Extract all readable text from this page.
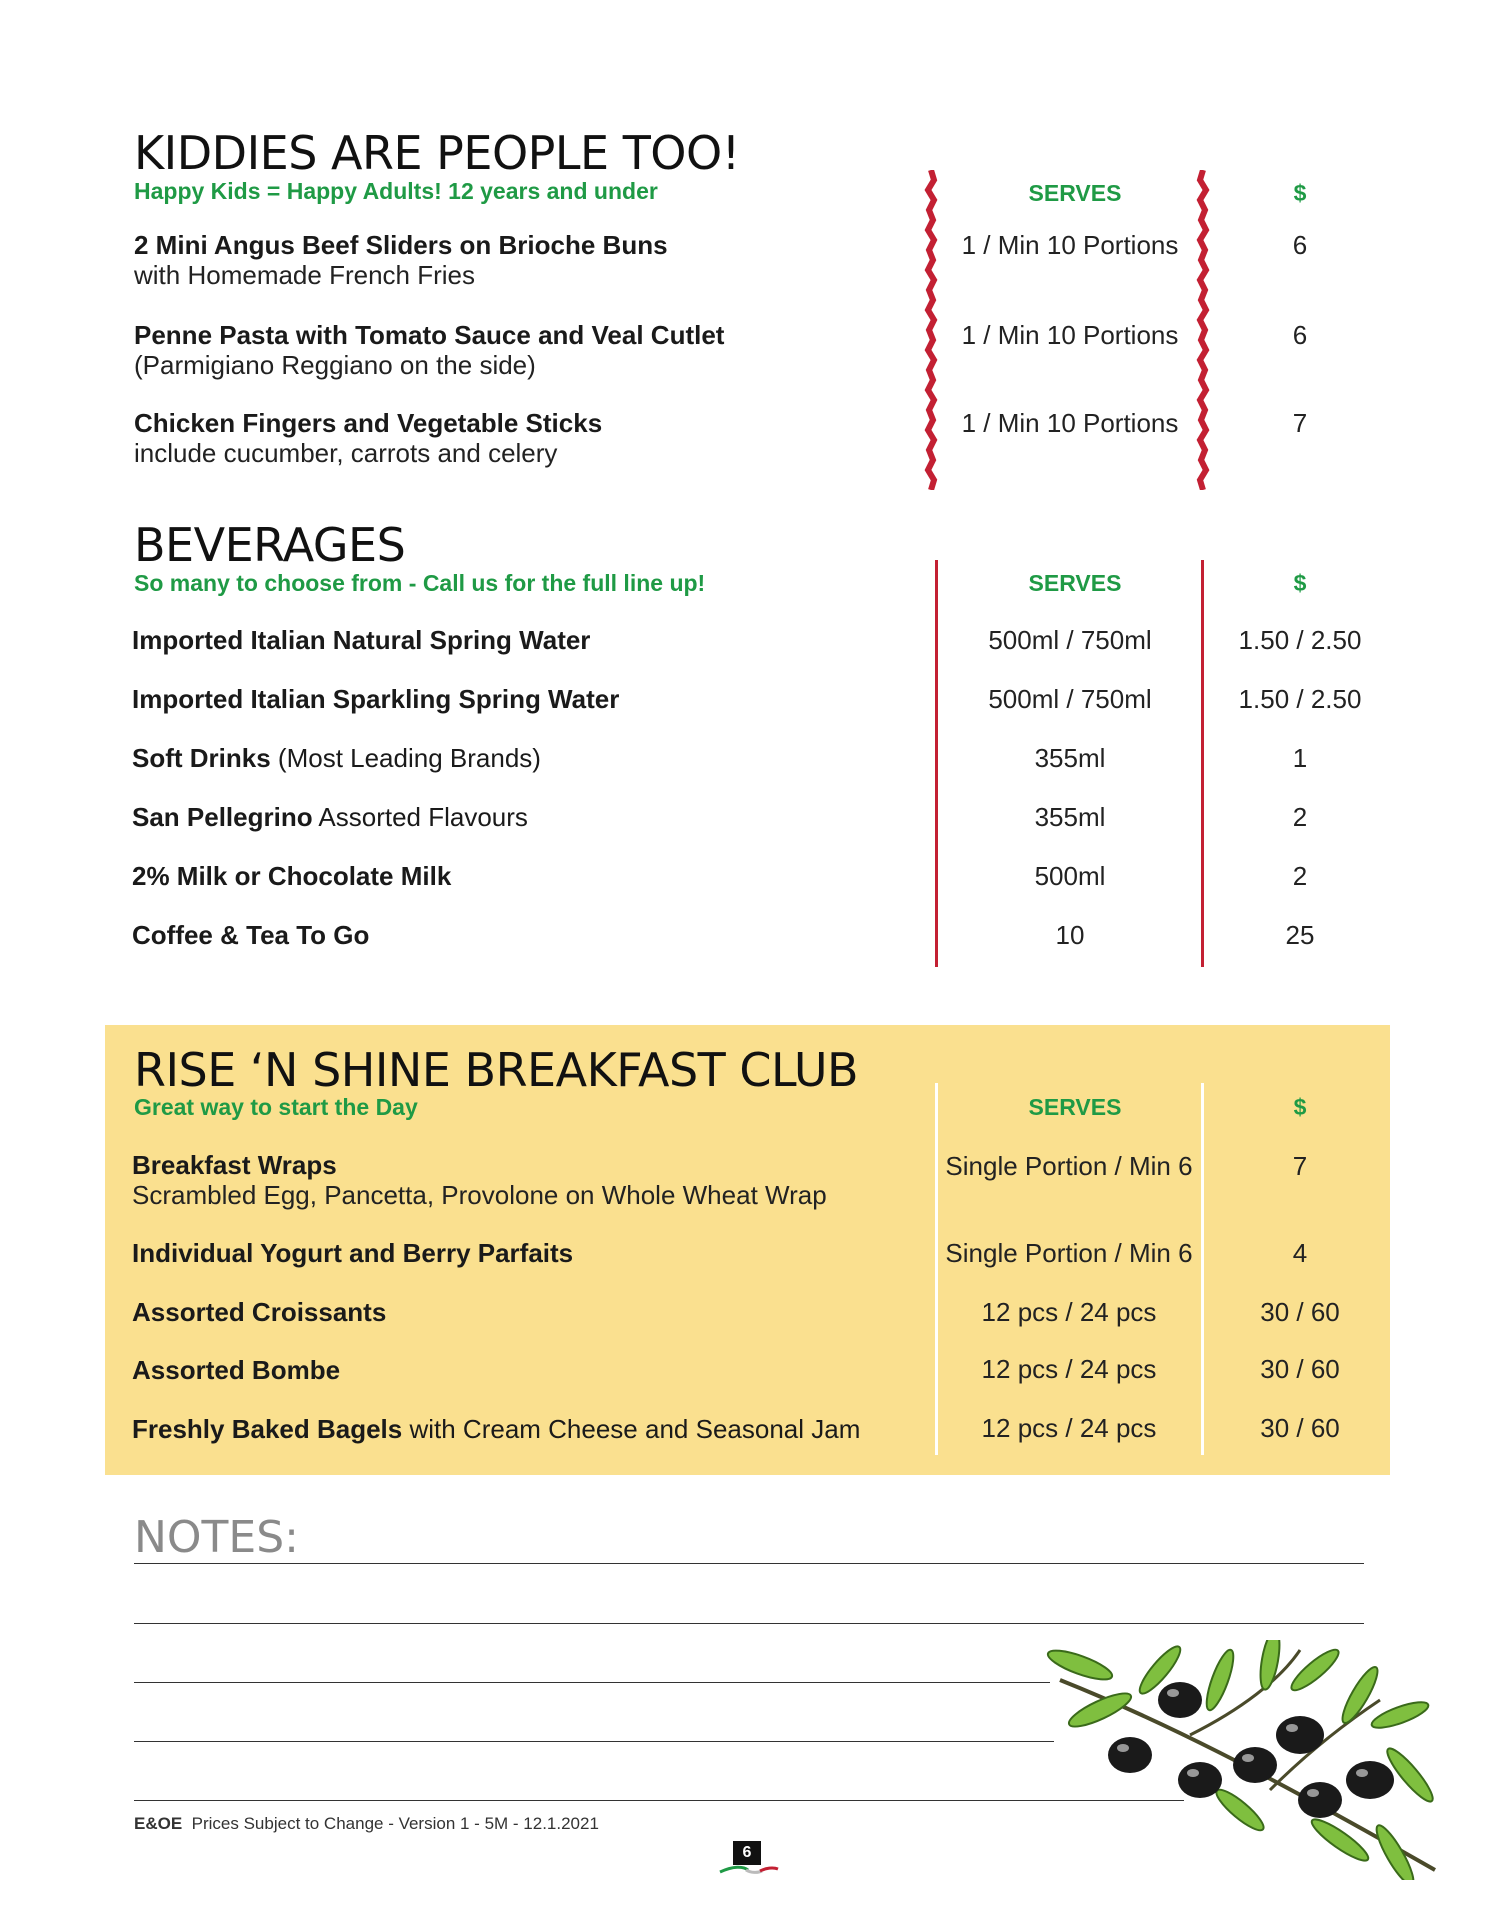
KIDDIES ARE PEOPLE TOO!
Happy Kids = Happy Adults! 12 years and under	SERVES	$
2 Mini Angus Beef Sliders on Brioche Buns
with Homemade French Fries
1 / Min 10 Portions	6
Penne Pasta with Tomato Sauce and Veal Cutlet
(Parmigiano Reggiano on the side)
1 / Min 10 Portions	6
Chicken Fingers and Vegetable Sticks
include cucumber, carrots and celery
1 / Min 10 Portions	7
BEVERAGES
So many to choose from - Call us for the full line up!	SERVES	$
Imported Italian Natural Spring Water	500ml / 750ml	1.50 / 2.50
Imported Italian Sparkling Spring Water	500ml / 750ml	1.50 / 2.50
Soft Drinks (Most Leading Brands)	355ml	1
San Pellegrino Assorted Flavours	355ml	2
2% Milk or Chocolate Milk	500ml	2
Coffee & Tea To Go	10	25
RISE ‘N SHINE BREAKFAST CLUB
Great way to start the Day	SERVES	$
Breakfast Wraps
Scrambled Egg, Pancetta, Provolone on Whole Wheat Wrap
Single Portion / Min 6	7
Individual Yogurt and Berry Parfaits	Single Portion / Min 6	4
Assorted Croissants	12 pcs / 24 pcs	30 / 60
Assorted Bombe	12 pcs / 24 pcs	30 / 60
Freshly Baked Bagels with Cream Cheese and Seasonal Jam	12 pcs / 24 pcs	30 / 60
NOTES:
E&OE Prices Subject to Change - Version 1 - 5M - 12.1.2021
6
